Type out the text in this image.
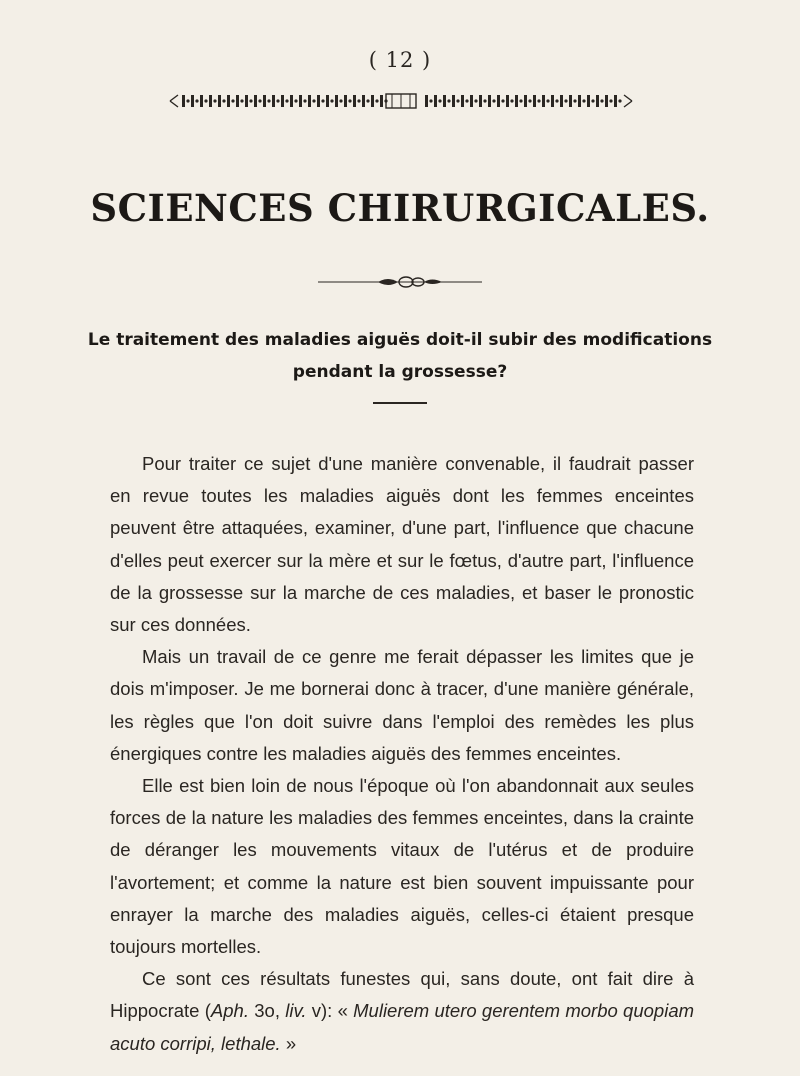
( 12 )
SCIENCES CHIRURGICALES.
Le traitement des maladies aiguës doit-il subir des modifications
pendant la grossesse?

Pour traiter ce sujet d'une manière convenable, il faudrait passer en revue toutes les maladies aiguës dont les femmes enceintes peuvent être attaquées, examiner, d'une part, l'influence que chacune d'elles peut exercer sur la mère et sur le fœtus, d'autre part, l'influence de la grossesse sur la marche de ces maladies, et baser le pronostic sur ces données.

Mais un travail de ce genre me ferait dépasser les limites que je dois m'imposer. Je me bornerai donc à tracer, d'une manière générale, les règles que l'on doit suivre dans l'emploi des remèdes les plus énergiques contre les maladies aiguës des femmes enceintes.

Elle est bien loin de nous l'époque où l'on abandonnait aux seules forces de la nature les maladies des femmes enceintes, dans la crainte de déranger les mouvements vitaux de l'utérus et de produire l'avortement; et comme la nature est bien souvent impuissante pour enrayer la marche des maladies aiguës, celles-ci étaient presque toujours mortelles.

Ce sont ces résultats funestes qui, sans doute, ont fait dire à Hippocrate (Aph. 3o, liv. v): « Mulierem utero gerentem morbo quopiam acuto corripi, lethale. »
